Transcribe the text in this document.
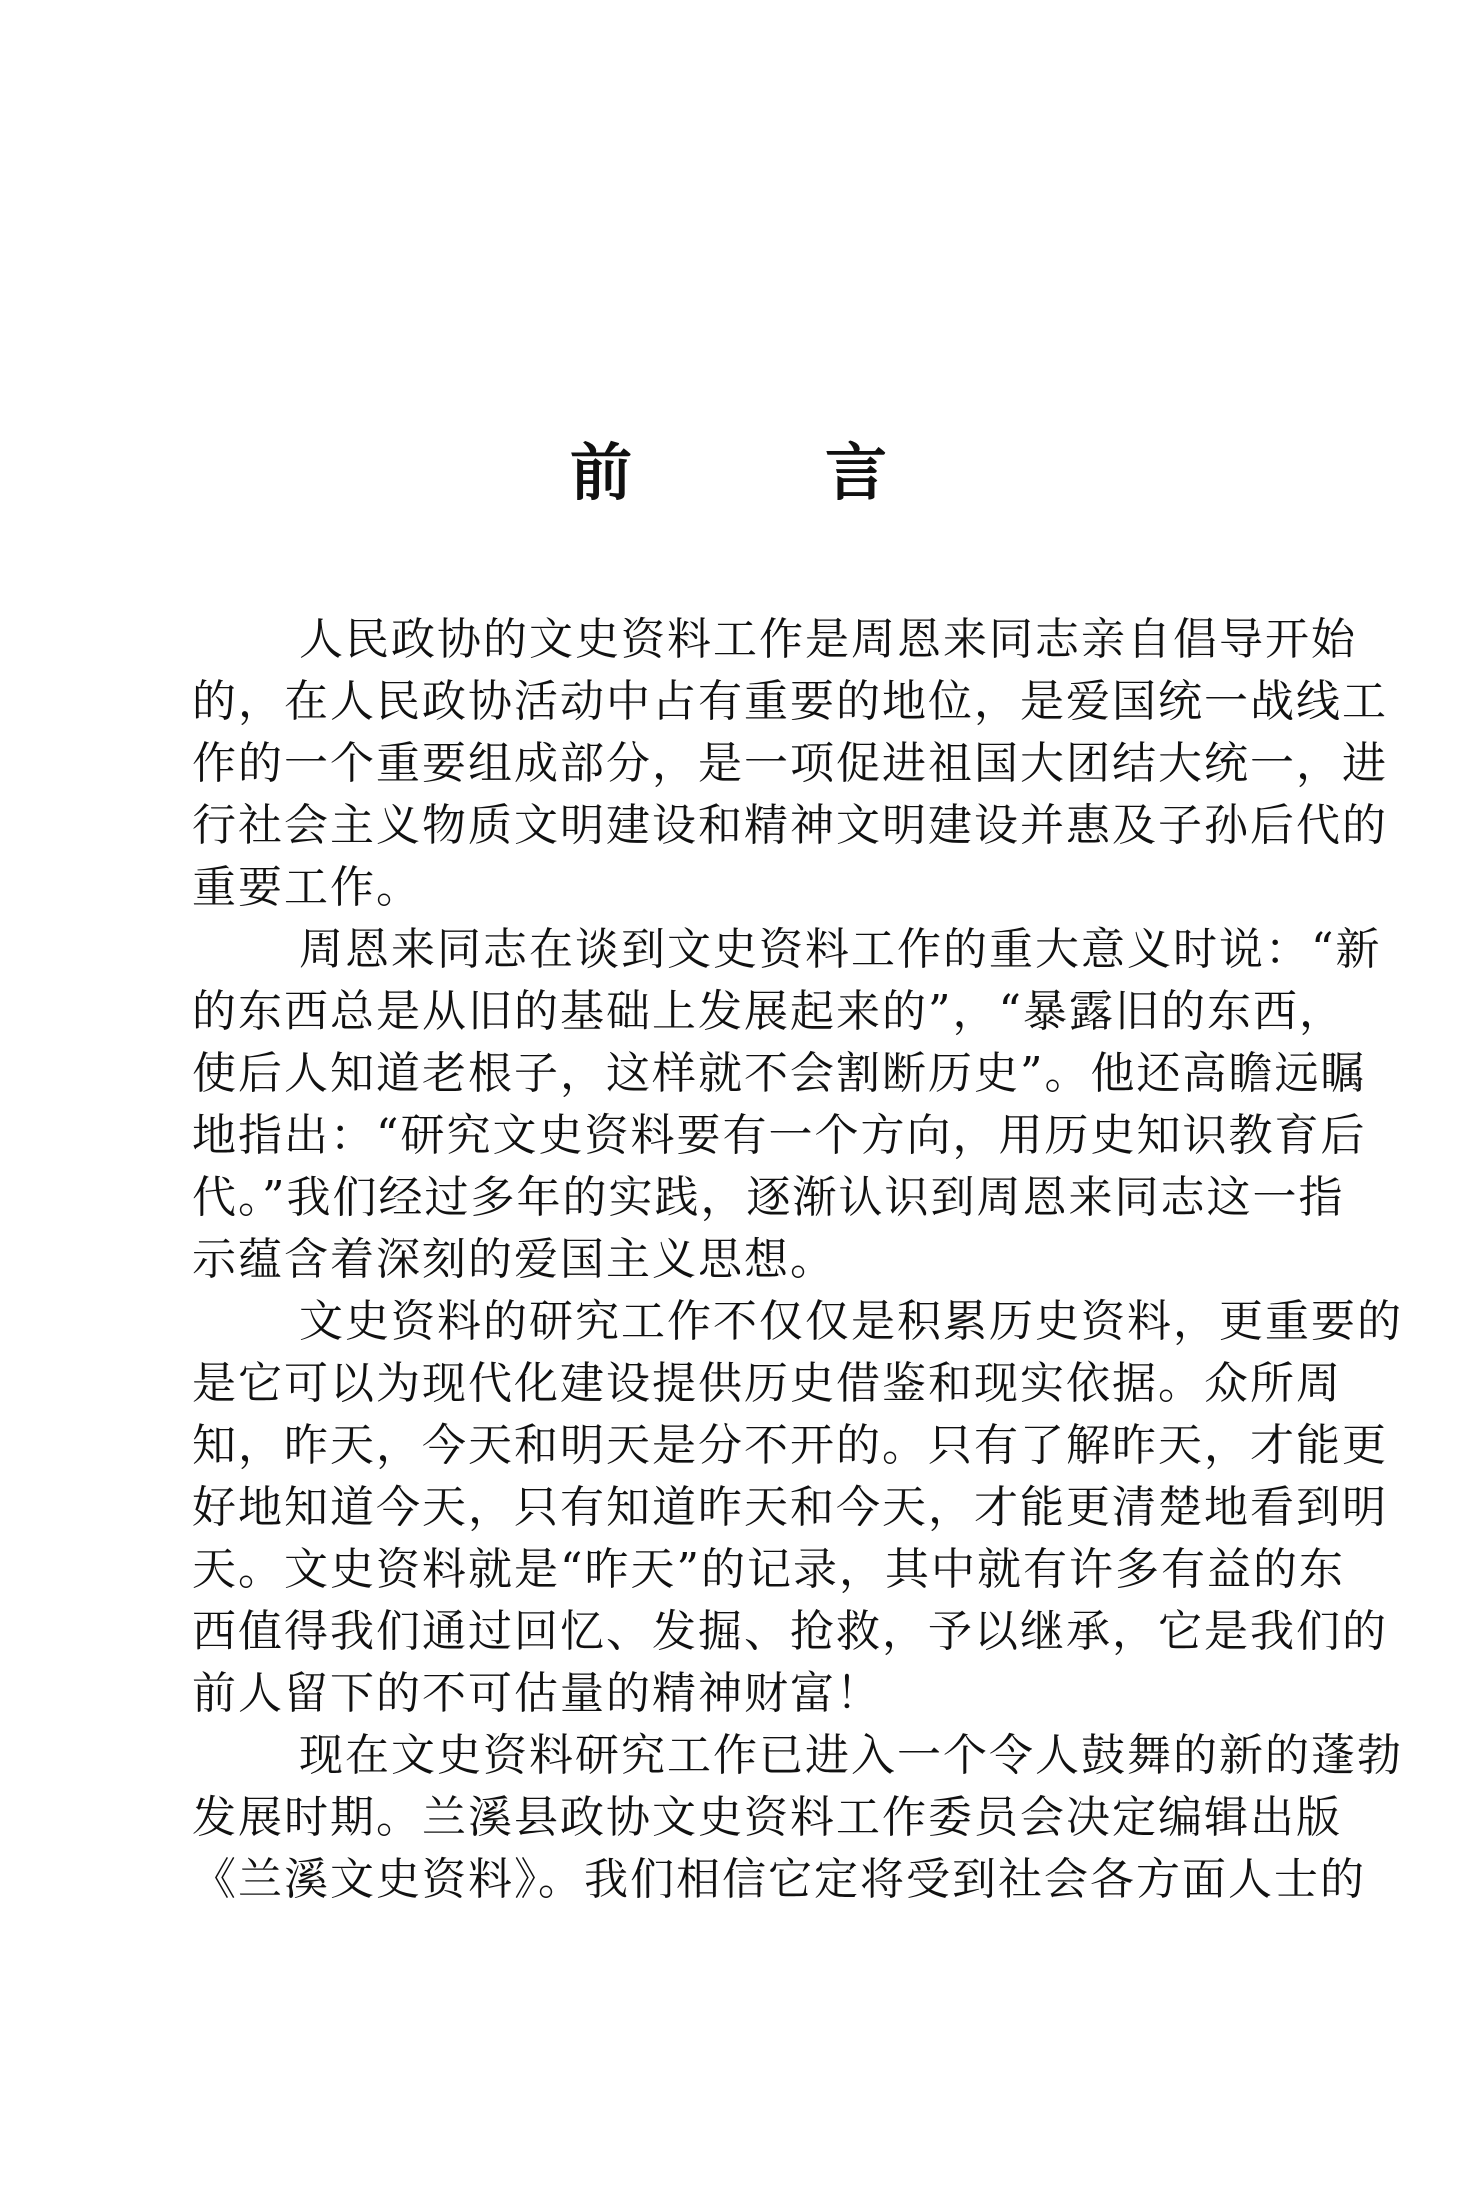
前	言
人民政协的文史资料工作是周恩来同志亲自倡导开始
的，在人民政协活动中占有重要的地位，是爱国统一战线工
作的一个重要组成部分，是一项促进祖国大团结大统一，进
行社会主义物质文明建设和精神文明建设并惠及子孙后代的
重要工作。
周恩来同志在谈到文史资料工作的重大意义时说：“新
的东西总是从旧的基础上发展起来的”，“暴露旧的东西，
使后人知道老根子，这样就不会割断历史”。他还高瞻远瞩
地指出：“研究文史资料要有一个方向，用历史知识教育后
代。”我们经过多年的实践，逐渐认识到周恩来同志这一指
示蕴含着深刻的爱国主义思想。
文史资料的研究工作不仅仅是积累历史资料，更重要的
是它可以为现代化建设提供历史借鉴和现实依据。众所周
知，昨天，今天和明天是分不开的。只有了解昨天，才能更
好地知道今天，只有知道昨天和今天，才能更清楚地看到明
天。文史资料就是“昨天”的记录，其中就有许多有益的东
西值得我们通过回忆、发掘、抢救，予以继承，它是我们的
前人留下的不可估量的精神财富！
现在文史资料研究工作已进入一个令人鼓舞的新的蓬勃
发展时期。兰溪县政协文史资料工作委员会决定编辑出版
《兰溪文史资料》。我们相信它定将受到社会各方面人士的
